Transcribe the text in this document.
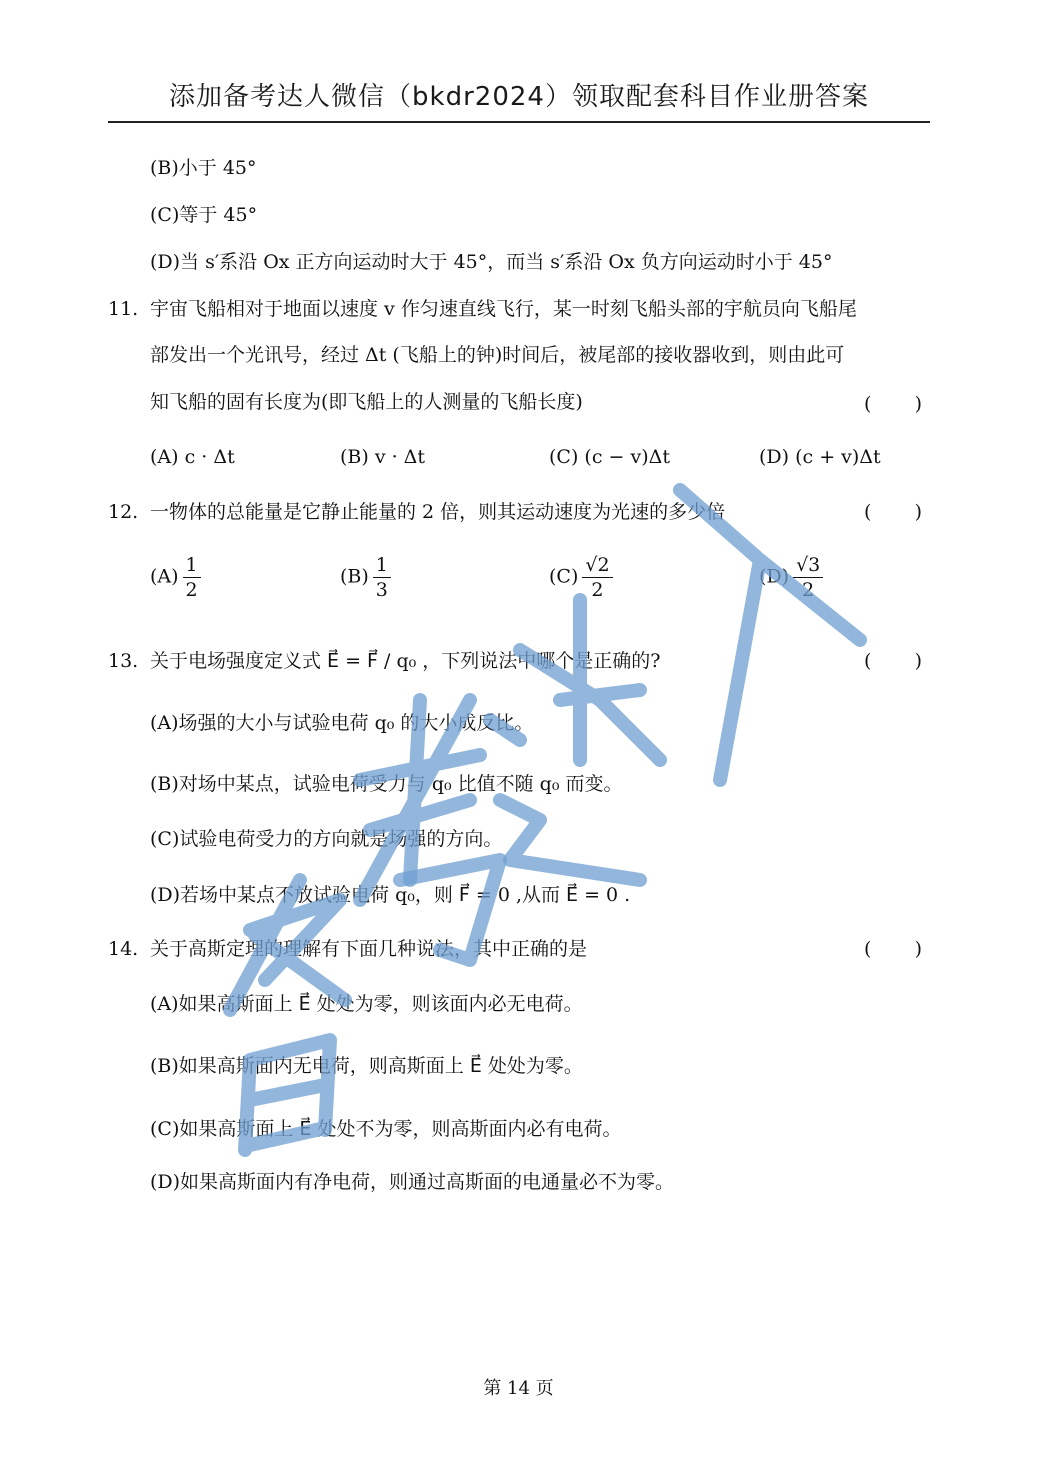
添加备考达人微信（bkdr2024）领取配套科目作业册答案
(B)小于 45°
(C)等于 45°
(D)当 s′系沿 Ox 正方向运动时大于 45°，而当 s′系沿 Ox 负方向运动时小于 45°
11. 宇宙飞船相对于地面以速度 v 作匀速直线飞行，某一时刻飞船头部的宇航员向飞船尾
部发出一个光讯号，经过 Δt (飞船上的钟)时间后，被尾部的接收器收到，则由此可
知飞船的固有长度为(即飞船上的人测量的飞船长度)	( )
(A) c · Δt	(B) v · Δt	(C) (c − v)Δt	(D) (c + v)Δt
12. 一物体的总能量是它静止能量的 2 倍，则其运动速度为光速的多少倍	( )
$(A) \frac{1}{2}$	$(B) \frac{1}{3}$	$(C) \frac{√2}{2}$	$(D) \frac{√3}{2}$
13. 关于电场强度定义式 E⃗ = F⃗ / q₀ ，下列说法中哪个是正确的?	( )
(A)场强的大小与试验电荷 q₀ 的大小成反比。
(B)对场中某点，试验电荷受力与 q₀ 比值不随 q₀ 而变。
(C)试验电荷受力的方向就是场强的方向。
(D)若场中某点不放试验电荷 q₀，则 F⃗ = 0 ,从而 E⃗ = 0 .
14. 关于高斯定理的理解有下面几种说法，其中正确的是	( )
(A)如果高斯面上 E⃗ 处处为零，则该面内必无电荷。
(B)如果高斯面内无电荷，则高斯面上 E⃗ 处处为零。
(C)如果高斯面上 E⃗ 处处不为零，则高斯面内必有电荷。
(D)如果高斯面内有净电荷，则通过高斯面的电通量必不为零。
第 14 页
